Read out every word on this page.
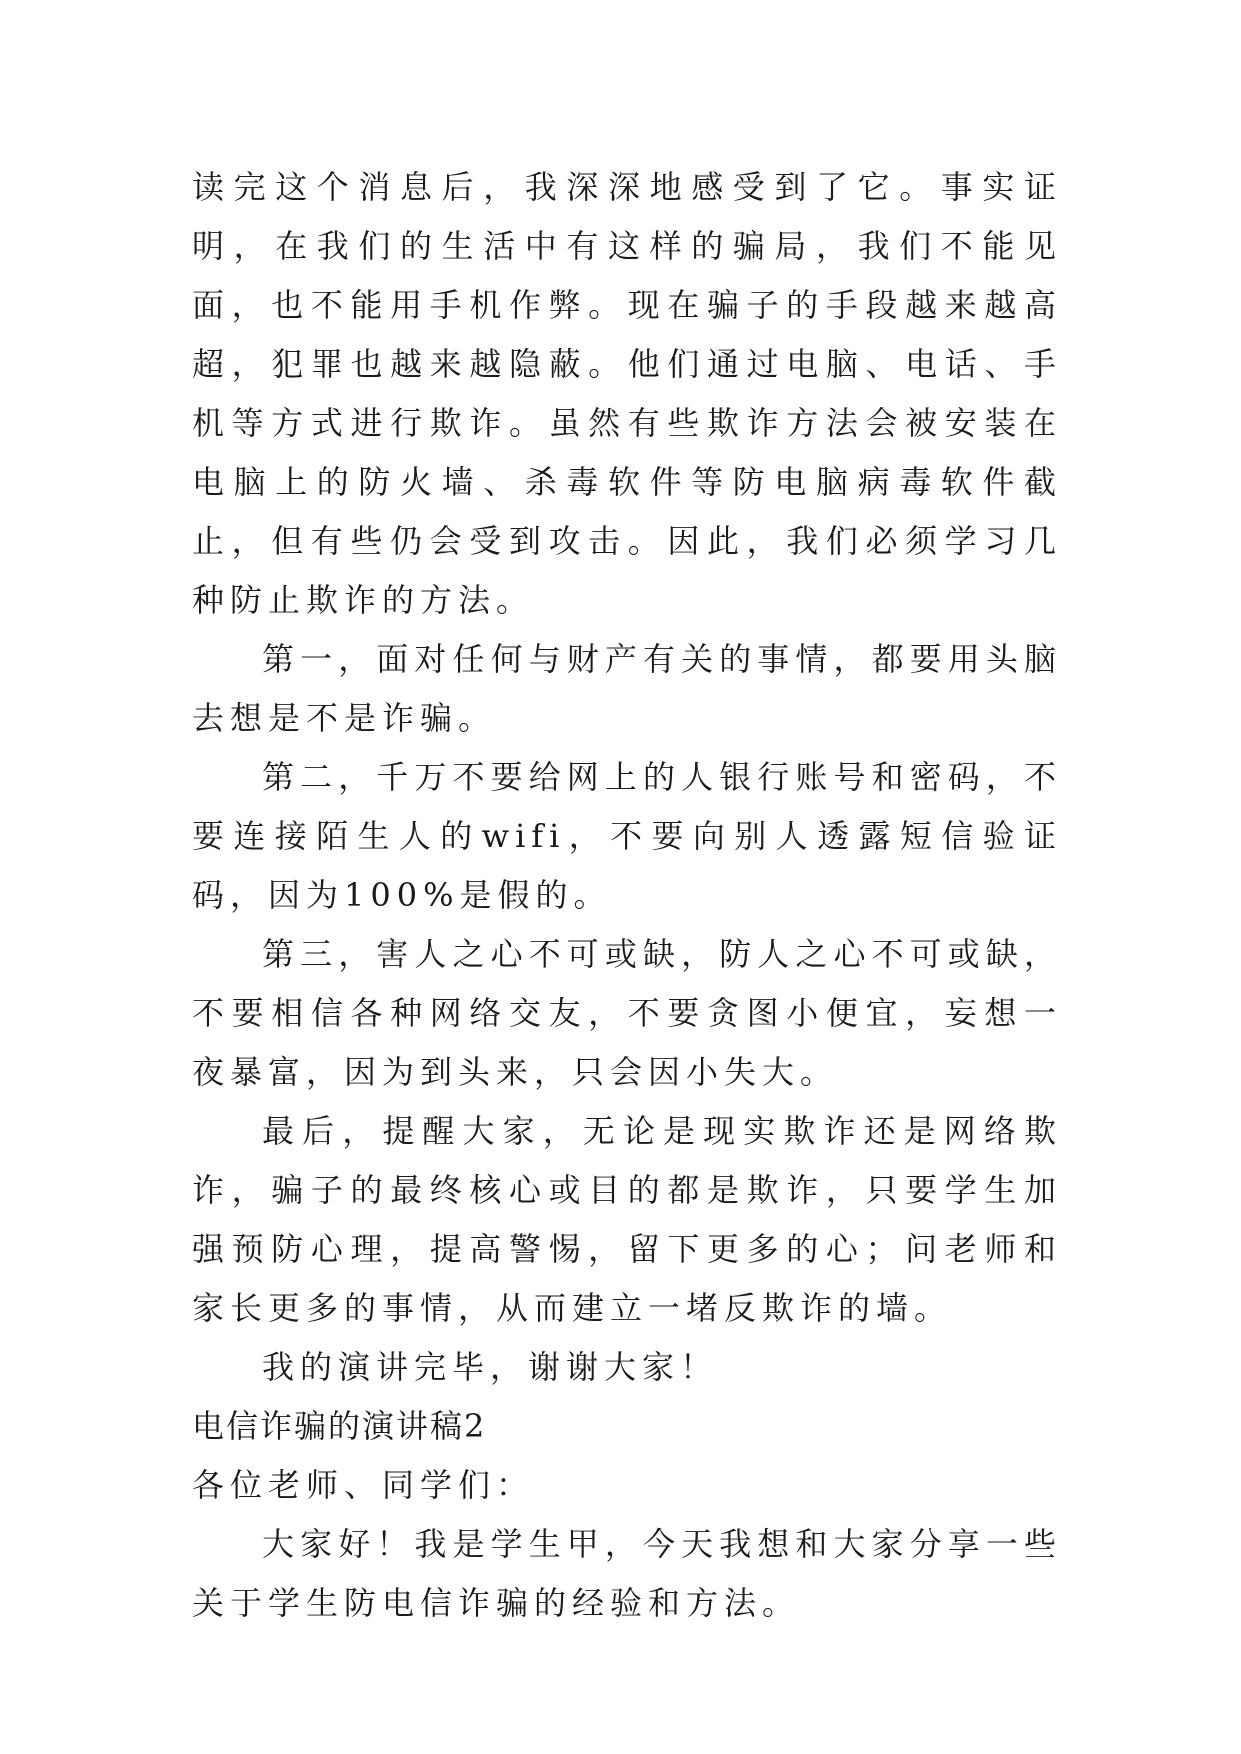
读完这个消息后，我深深地感受到了它。事实证明，在我们的生活中有这样的骗局，我们不能见面，也不能用手机作弊。现在骗子的手段越来越高超，犯罪也越来越隐蔽。他们通过电脑、电话、手机等方式进行欺诈。虽然有些欺诈方法会被安装在电脑上的防火墙、杀毒软件等防电脑病毒软件截止，但有些仍会受到攻击。因此，我们必须学习几种防止欺诈的方法。

第一，面对任何与财产有关的事情，都要用头脑去想是不是诈骗。

第二，千万不要给网上的人银行账号和密码，不要连接陌生人的wifi，不要向别人透露短信验证码，因为100%是假的。

第三，害人之心不可或缺，防人之心不可或缺，不要相信各种网络交友，不要贪图小便宜，妄想一夜暴富，因为到头来，只会因小失大。

最后，提醒大家，无论是现实欺诈还是网络欺诈，骗子的最终核心或目的都是欺诈，只要学生加强预防心理，提高警惕，留下更多的心；问老师和家长更多的事情，从而建立一堵反欺诈的墙。

我的演讲完毕，谢谢大家！

电信诈骗的演讲稿2

各位老师、同学们：

大家好！我是学生甲，今天我想和大家分享一些关于学生防电信诈骗的经验和方法。
